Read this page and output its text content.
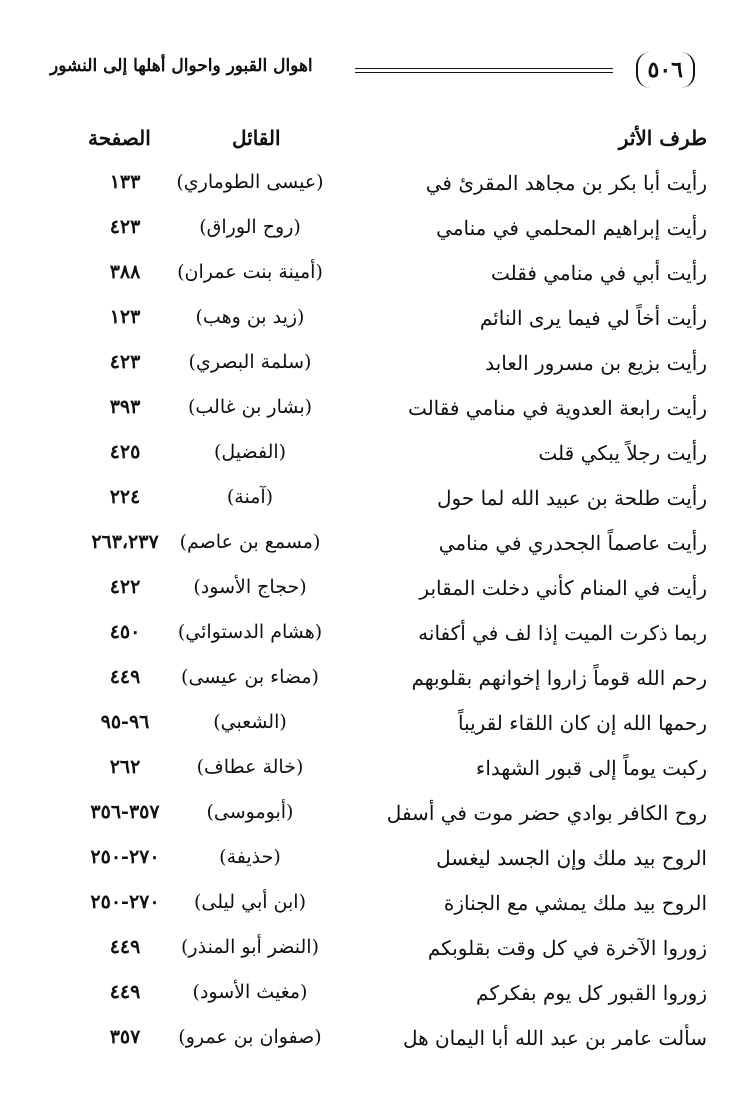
٥٠٦
اهوال القبور واحوال أهلها إلى النشور
طرف الأثر
القائل
الصفحة
رأيت أبا بكر بن مجاهد المقرئ في
(عيسى الطوماري)
١٣٣
رأيت إبراهيم المحلمي في منامي
(روح الوراق)
٤٢٣
رأيت أبي في منامي فقلت
(أمينة بنت عمران)
٣٨٨
رأيت أخاً لي فيما يرى النائم
(زيد بن وهب)
١٢٣
رأيت بزيع بن مسرور العابد
(سلمة البصري)
٤٢٣
رأيت رابعة العدوية في منامي فقالت
(بشار بن غالب)
٣٩٣
رأيت رجلاً يبكي قلت
(الفضيل)
٤٢٥
رأيت طلحة بن عبيد الله لما حول
(آمنة)
٢٢٤
رأيت عاصماً الجحدري في منامي
(مسمع بن عاصم)
٢٦٣،٢٣٧
رأيت في المنام كأني دخلت المقابر
(حجاج الأسود)
٤٢٢
ربما ذكرت الميت إذا لف في أكفانه
(هشام الدستوائي)
٤٥٠
رحم الله قوماً زاروا إخوانهم بقلوبهم
(مضاء بن عيسى)
٤٤٩
رحمها الله إن كان اللقاء لقريباً
(الشعبي)
٩٦-٩٥
ركبت يوماً إلى قبور الشهداء
(خالة عطاف)
٢٦٢
روح الكافر بوادي حضر موت في أسفل
(أبوموسى)
٣٥٧-٣٥٦
الروح بيد ملك وإن الجسد ليغسل
(حذيفة)
٢٧٠-٢٥٠
الروح بيد ملك يمشي مع الجنازة
(ابن أبي ليلى)
٢٧٠-٢٥٠
زوروا الآخرة في كل وقت بقلوبكم
(النضر أبو المنذر)
٤٤٩
زوروا القبور كل يوم بفكركم
(مغيث الأسود)
٤٤٩
سألت عامر بن عبد الله أبا اليمان هل
(صفوان بن عمرو)
٣٥٧
